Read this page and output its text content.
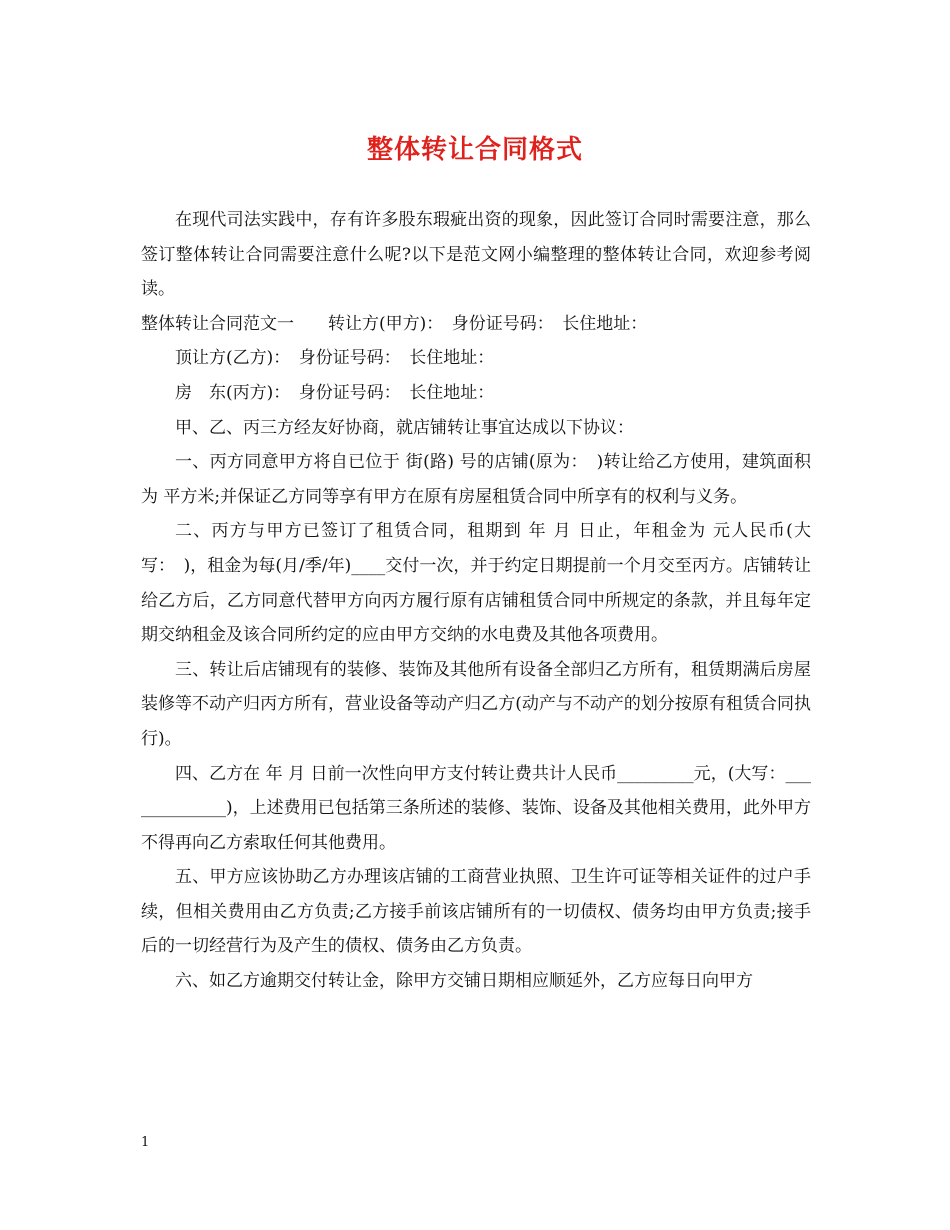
整体转让合同格式

在现代司法实践中，存有许多股东瑕疵出资的现象，因此签订合同时需要注意，那么签订整体转让合同需要注意什么呢?以下是范文网小编整理的整体转让合同，欢迎参考阅读。

整体转让合同范文一　　转让方(甲方)：　身份证号码：　长住地址：

顶让方(乙方)：　身份证号码：　长住地址：

房　东(丙方)：　身份证号码：　长住地址：

甲、乙、丙三方经友好协商，就店铺转让事宜达成以下协议：

一、丙方同意甲方将自已位于 街(路) 号的店铺(原为：　)转让给乙方使用，建筑面积为 平方米;并保证乙方同等享有甲方在原有房屋租赁合同中所享有的权利与义务。

二、丙方与甲方已签订了租赁合同，租期到 年 月 日止，年租金为 元人民币(大写：　)，租金为每(月/季/年)____交付一次，并于约定日期提前一个月交至丙方。店铺转让给乙方后，乙方同意代替甲方向丙方履行原有店铺租赁合同中所规定的条款，并且每年定期交纳租金及该合同所约定的应由甲方交纳的水电费及其他各项费用。

三、转让后店铺现有的装修、装饰及其他所有设备全部归乙方所有，租赁期满后房屋装修等不动产归丙方所有，营业设备等动产归乙方(动产与不动产的划分按原有租赁合同执行)。

四、乙方在 年 月 日前一次性向甲方支付转让费共计人民币_________元，(大写：_____________)，上述费用已包括第三条所述的装修、装饰、设备及其他相关费用，此外甲方不得再向乙方索取任何其他费用。

五、甲方应该协助乙方办理该店铺的工商营业执照、卫生许可证等相关证件的过户手续，但相关费用由乙方负责;乙方接手前该店铺所有的一切债权、债务均由甲方负责;接手后的一切经营行为及产生的债权、债务由乙方负责。

六、如乙方逾期交付转让金，除甲方交铺日期相应顺延外，乙方应每日向甲方

1
